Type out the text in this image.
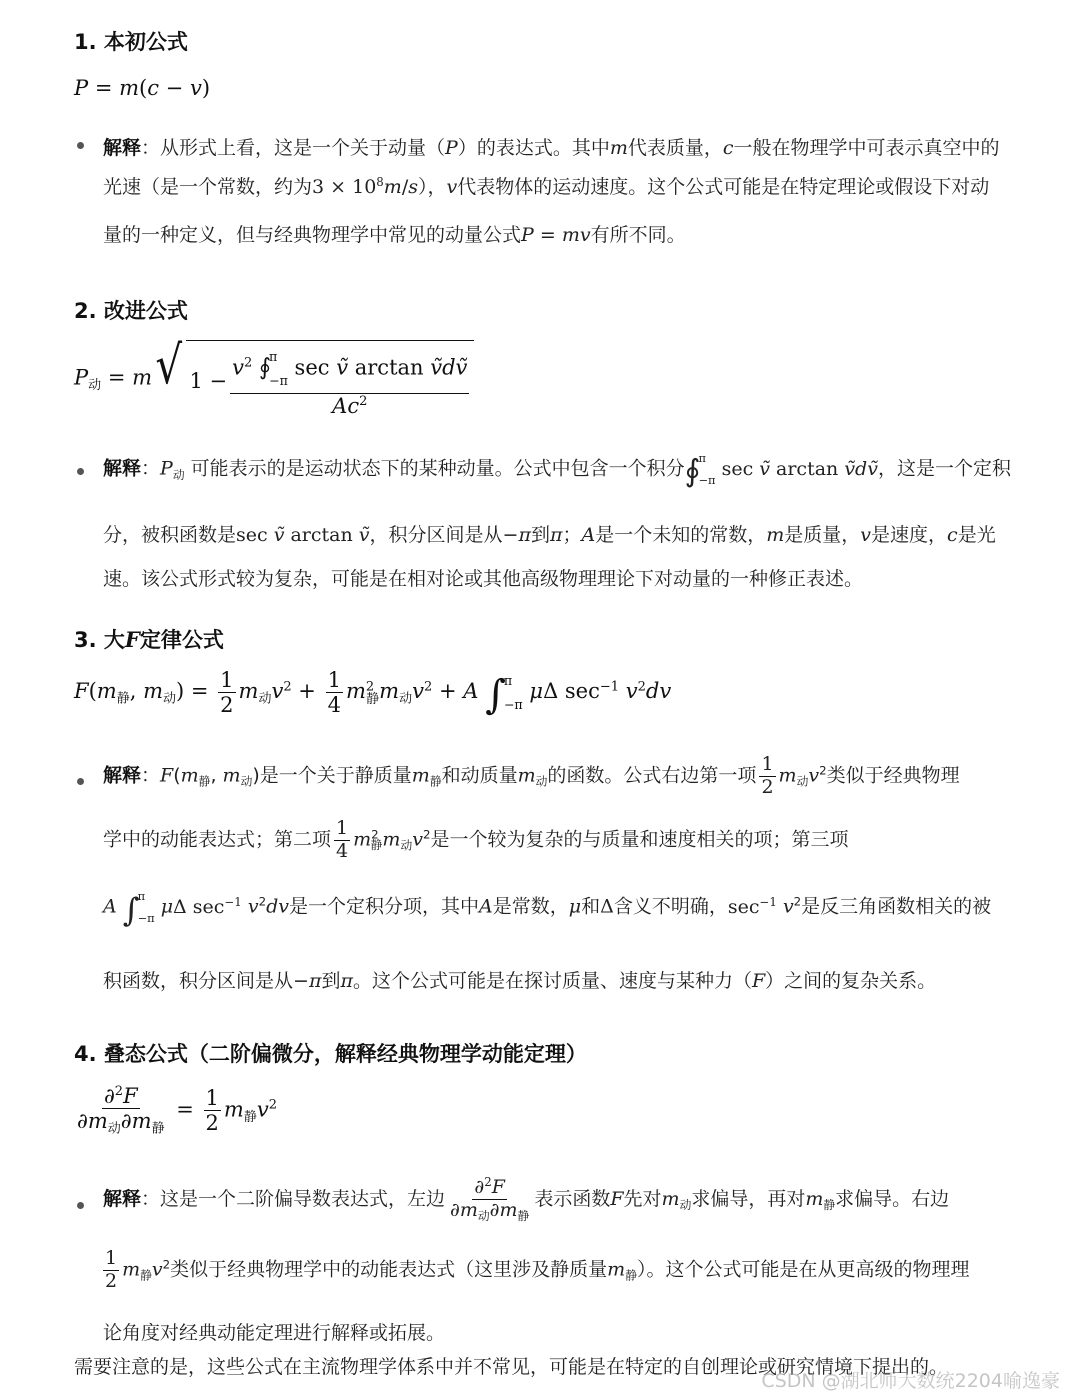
1. 本初公式
P = m(c − v)
解释：从形式上看，这是一个关于动量（P）的表达式。其中m代表质量，c一般在物理学中可表示真空中的
光速（是一个常数，约为$3 \times 10^8m/s$），v代表物体的运动速度。这个公式可能是在特定理论或假设下对动
量的一种定义，但与经典物理学中常见的动量公式P = mv有所不同。
2. 改进公式
$P_动 = m$ √ $1 - v^2$ ∮
π
−π
sec ṽ arctan ṽdṽ
Ac$^2$
解释：$P_动$ 可能表示的是运动状态下的某种动量。公式中包含一个积分∮
π
−π sec ṽ arctan ṽdṽ，这是一个定积
分，被积函数是sec ṽ arctan ṽ，积分区间是从−π到π；A是一个未知的常数，m是质量，v是速度，c是光
速。该公式形式较为复杂，可能是在相对论或其他高级物理理论下对动量的一种修正表述。
3. 大F定律公式
$F(m_静$, $m_动) = \frac{1}{2} m_动v^2 + \frac{1}{4} m^2_静m_动v^2 + A$ ∫
π
−π
μΔ $\sec^{-1} v^2dv$
解释：$F(m_静$, $m_动$)是一个关于静质量$m_静$和动质量$m_动$的函数。公式右边第一项 $\frac{1}{2} m_动v^2$类似于经典物理
学中的动能表达式；第二项 $\frac{1}{4} m^2_静m_动v^2$是一个较为复杂的与质量和速度相关的项；第三项
A ∫
π
−π μΔ $\sec^{-1} v^2dv$是一个定积分项，其中A是常数，μ和Δ含义不明确，$\sec^{-1} v^2$是反三角函数相关的被
积函数，积分区间是从−π到π。这个公式可能是在探讨质量、速度与某种力（F）之间的复杂关系。
4. 叠态公式（二阶偏微分，解释经典物理学动能定理）
$\frac{\partial^2F}{\partial m_动\partial m_静} = \frac{1}{2} m_静v^2$
解释：这是一个二阶偏导数表达式，左边 $\frac{\partial^2F}{\partial m_动\partial m_静}$ 表示函数F先对$m_动$求偏导，再对$m_静$求偏导。右边
$\frac{1}{2} m_静v^2$类似于经典物理学中的动能表达式（这里涉及静质量$m_静$）。这个公式可能是在从更高级的物理理
论角度对经典动能定理进行解释或拓展。
需要注意的是，这些公式在主流物理学体系中并不常见，可能是在特定的自创理论或研究情境下提出的。
CSDN @湖北师大数统2204喻逸豪
